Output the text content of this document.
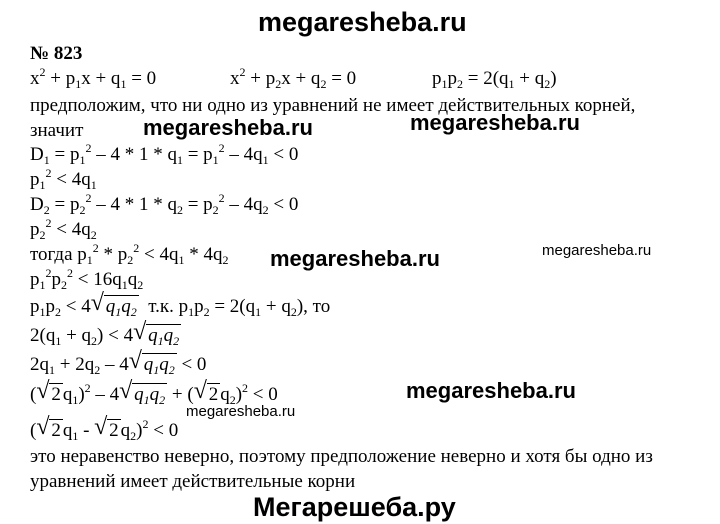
megaresheba.ru
№ 823
$x^2 + p_1x + q_1 = 0$	$x^2 + p_2x + q_2 = 0$	$p_1p_2 = 2(q_1 + q_2)$
предположим, что ни одно из уравнений не имеет действительных корней,
значит	megaresheba.ru	megaresheba.ru
$D_1 = p_1^2 - 4 * 1 * q_1 = p_1^2 - 4q_1 < 0$
$p_1^2 < 4q_1$
$D_2 = p_2^2 - 4 * 1 * q_2 = p_2^2 - 4q_2 < 0$
$p_2^2 < 4q_2$
тогда $p_1^2 * p_2^2 < 4q_1 * 4q_2$ megaresheba.ru	megaresheba.ru
$p_1^2p_2^2 < 16q_1q_2$
$p_1p_2 < 4$ √ $q_1q_2$ т.к. $p_1p_2 = 2(q_1 + q_2)$, то
$2(q_1 + q_2) < 4$ √ $q_1q_2$
$2q_1 + 2q_2 - 4$ √ $q_1q_2 < 0$
( √ 2 $q_1)^2 - 4$ √ $q_1q_2$ + ( √ 2 $q_2)^2 < 0$	megaresheba.ru
megaresheba.ru
( √ 2 $q_1$ - √ 2 $q_2)^2 < 0$
это неравенство неверно, поэтому предположение неверно и хотя бы одно из
уравнений имеет действительные корни
Мегарешеба.ру
